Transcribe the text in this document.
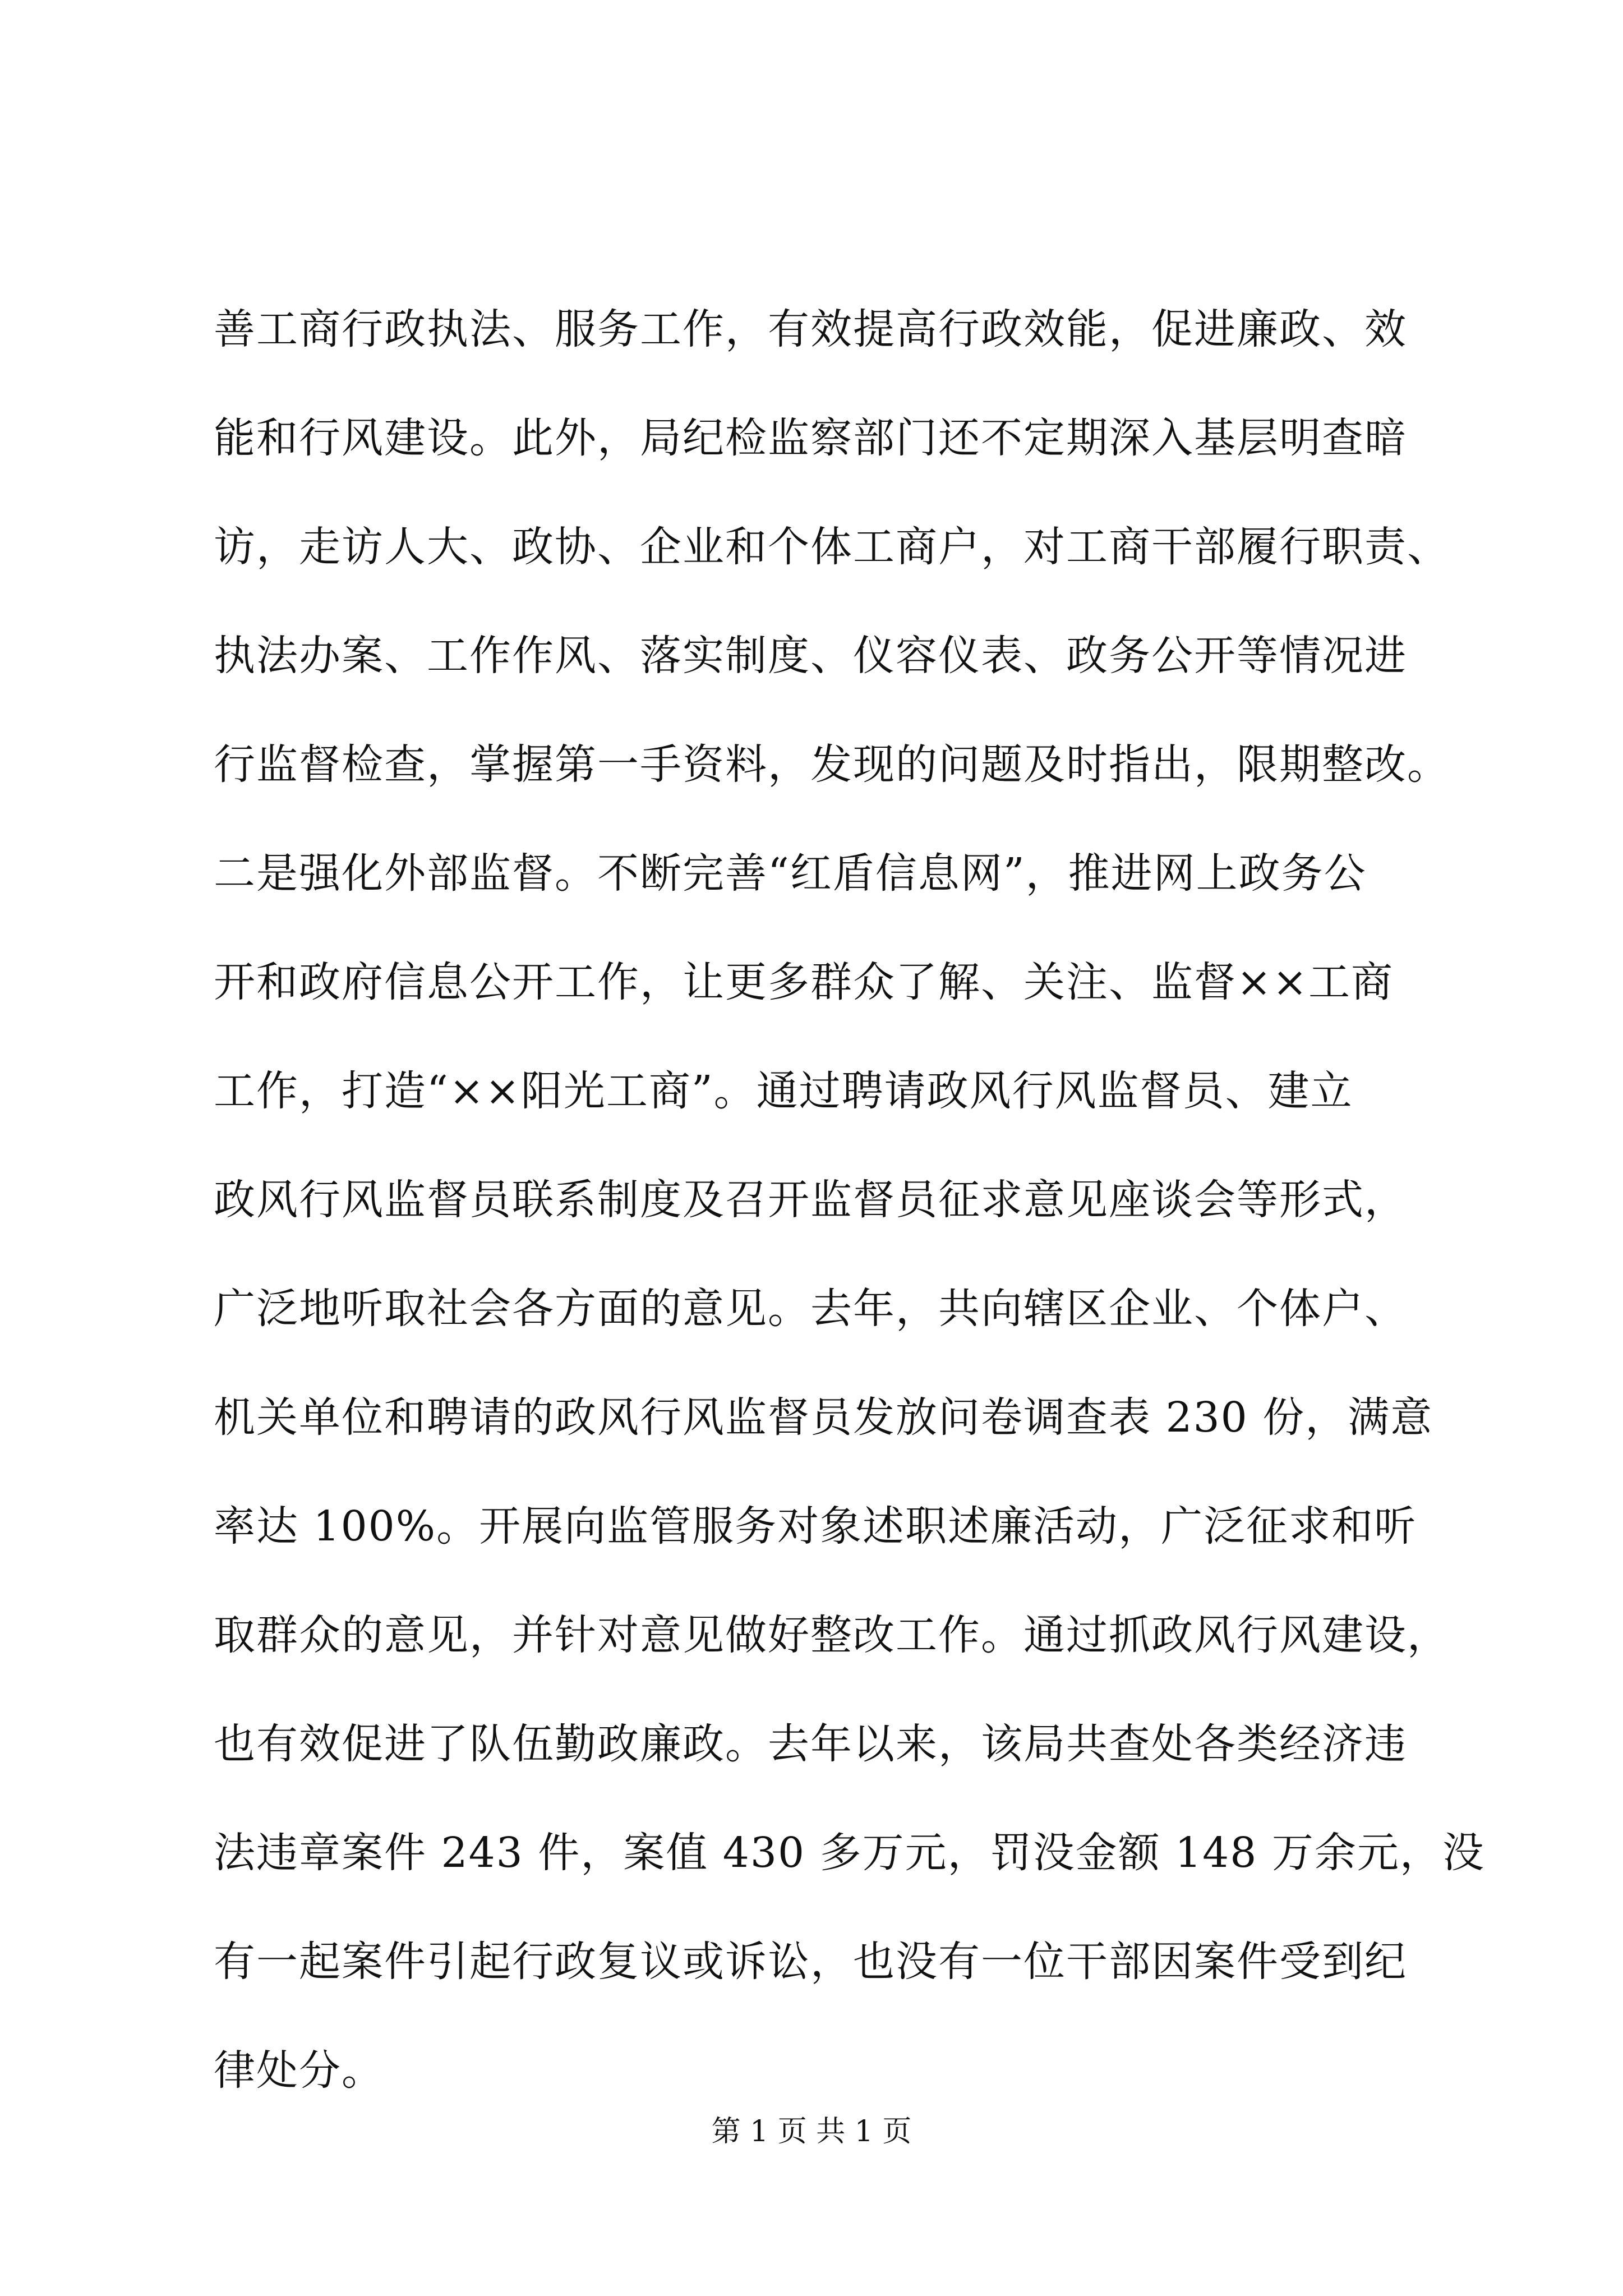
善工商行政执法、服务工作，有效提高行政效能，促进廉政、效
能和行风建设。此外，局纪检监察部门还不定期深入基层明查暗
访，走访人大、政协、企业和个体工商户，对工商干部履行职责、
执法办案、工作作风、落实制度、仪容仪表、政务公开等情况进
行监督检查，掌握第一手资料，发现的问题及时指出，限期整改。
二是强化外部监督。不断完善“红盾信息网”，推进网上政务公
开和政府信息公开工作，让更多群众了解、关注、监督××工商
工作，打造“××阳光工商”。通过聘请政风行风监督员、建立
政风行风监督员联系制度及召开监督员征求意见座谈会等形式，
广泛地听取社会各方面的意见。去年，共向辖区企业、个体户、
机关单位和聘请的政风行风监督员发放问卷调查表 230 份，满意
率达 100%。开展向监管服务对象述职述廉活动，广泛征求和听
取群众的意见，并针对意见做好整改工作。通过抓政风行风建设，
也有效促进了队伍勤政廉政。去年以来，该局共查处各类经济违
法违章案件 243 件，案值 430 多万元，罚没金额 148 万余元，没
有一起案件引起行政复议或诉讼，也没有一位干部因案件受到纪
律处分。
第 1 页 共 1 页
